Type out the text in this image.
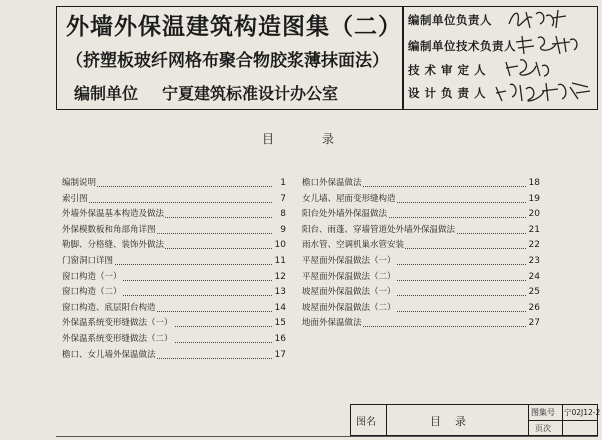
外墙外保温建筑构造图集（二）
（挤塑板玻纤网格布聚合物胶浆薄抹面法）
编制单位 宁夏建筑标准设计办公室
编制单位负责人
编制单位技术负责人
技 术 审 定 人
设 计 负 责 人
目	录
编制说明	1
索引图	7
外墙外保温基本构造及做法	8
外保模数板和角部角详图	9
勒脚、分格缝、装饰外做法	10
门窗洞口详图	11
窗口构造（一）	12
窗口构造（二）	13
窗口构造、底层阳台构造	14
外保温系统变形缝做法（一）	15
外保温系统变形缝做法（二）	16
檐口、女儿墙外保温做法	17
檐口外保温做法	18
女儿墙、屋面变形缝构造	19
阳台处外墙外保温做法	20
阳台、雨蓬、穿墙管道处外墙外保温做法	21
雨水管、空调机巢水管安装	22
平屋面外保温做法（一）	23
平屋面外保温做法（二）	24
坡屋面外保温做法（一）	25
坡屋面外保温做法（二）	26
地面外保温做法	27
图名	目    录
图集号 宁02J12-2
页次
